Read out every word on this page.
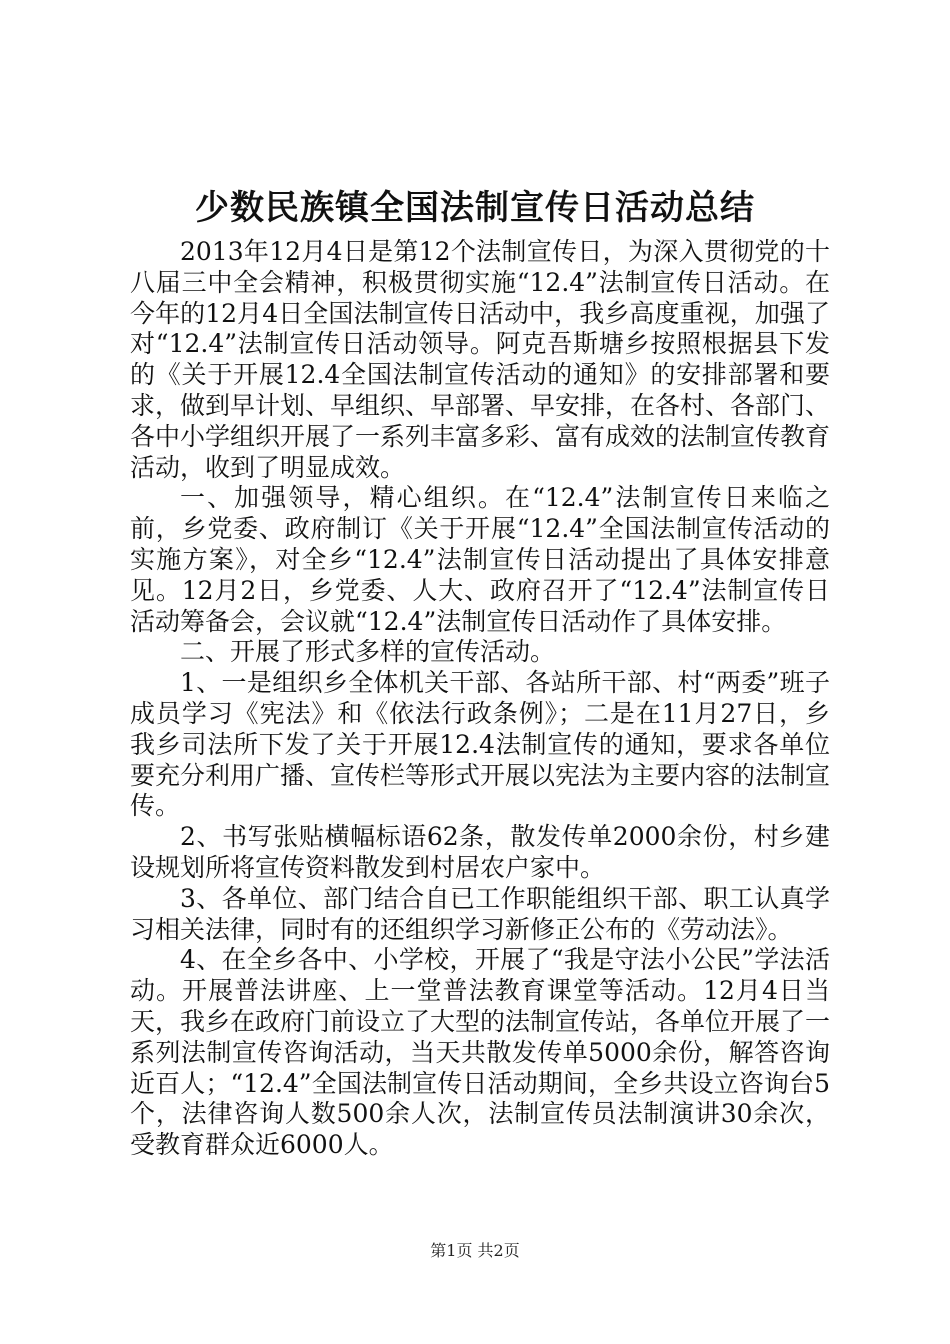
少数民族镇全国法制宣传日活动总结

2013年12月4日是第12个法制宣传日，为深入贯彻党的十八届三中全会精神，积极贯彻实施“12.4”法制宣传日活动。在今年的12月4日全国法制宣传日活动中，我乡高度重视，加强了对“12.4”法制宣传日活动领导。阿克吾斯塘乡按照根据县下发的《关于开展12.4全国法制宣传活动的通知》的安排部署和要求，做到早计划、早组织、早部署、早安排，在各村、各部门、各中小学组织开展了一系列丰富多彩、富有成效的法制宣传教育活动，收到了明显成效。

一、加强领导，精心组织。在“12.4”法制宣传日来临之前，乡党委、政府制订《关于开展“12.4”全国法制宣传活动的实施方案》，对全乡“12.4”法制宣传日活动提出了具体安排意见。12月2日，乡党委、人大、政府召开了“12.4”法制宣传日活动筹备会，会议就“12.4”法制宣传日活动作了具体安排。

二、开展了形式多样的宣传活动。

1、一是组织乡全体机关干部、各站所干部、村“两委”班子成员学习《宪法》和《依法行政条例》；二是在11月27日，乡我乡司法所下发了关于开展12.4法制宣传的通知，要求各单位要充分利用广播、宣传栏等形式开展以宪法为主要内容的法制宣传。

2、书写张贴横幅标语62条，散发传单2000余份，村乡建设规划所将宣传资料散发到村居农户家中。

3、各单位、部门结合自已工作职能组织干部、职工认真学习相关法律，同时有的还组织学习新修正公布的《劳动法》。

4、在全乡各中、小学校，开展了“我是守法小公民”学法活动。开展普法讲座、上一堂普法教育课堂等活动。12月4日当天，我乡在政府门前设立了大型的法制宣传站，各单位开展了一系列法制宣传咨询活动，当天共散发传单5000余份，解答咨询近百人；“12.4”全国法制宣传日活动期间，全乡共设立咨询台5个，法律咨询人数500余人次，法制宣传员法制演讲30余次，受教育群众近6000人。

第1页 共2页
